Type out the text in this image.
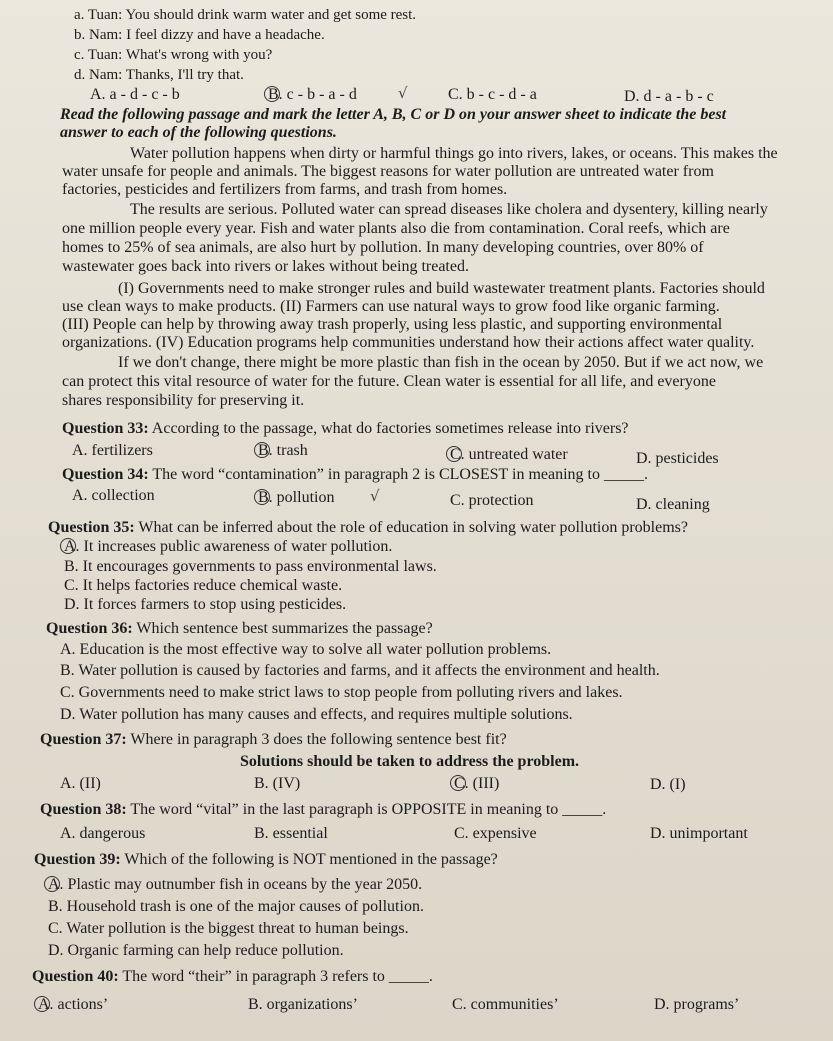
a. Tuan: You should drink warm water and get some rest.
b. Nam: I feel dizzy and have a headache.
c. Tuan: What's wrong with you?
d. Nam: Thanks, I'll try that.
A. a - d - c - b	B. c - b - a - d	√	C. b - c - d - a	D. d - a - b - c
Read the following passage and mark the letter A, B, C or D on your answer sheet to indicate the best
answer to each of the following questions.
Water pollution happens when dirty or harmful things go into rivers, lakes, or oceans. This makes the
water unsafe for people and animals. The biggest reasons for water pollution are untreated water from
factories, pesticides and fertilizers from farms, and trash from homes.
The results are serious. Polluted water can spread diseases like cholera and dysentery, killing nearly
one million people every year. Fish and water plants also die from contamination. Coral reefs, which are
homes to 25% of sea animals, are also hurt by pollution. In many developing countries, over 80% of
wastewater goes back into rivers or lakes without being treated.
(I) Governments need to make stronger rules and build wastewater treatment plants. Factories should
use clean ways to make products. (II) Farmers can use natural ways to grow food like organic farming.
(III) People can help by throwing away trash properly, using less plastic, and supporting environmental
organizations. (IV) Education programs help communities understand how their actions affect water quality.
If we don't change, there might be more plastic than fish in the ocean by 2050. But if we act now, we
can protect this vital resource of water for the future. Clean water is essential for all life, and everyone
shares responsibility for preserving it.
Question 33: According to the passage, what do factories sometimes release into rivers?
A. fertilizers	B. trash	C. untreated water	D. pesticides
Question 34: The word “contamination” in paragraph 2 is CLOSEST in meaning to _____.
A. collection	B. pollution √	C. protection	D. cleaning
Question 35: What can be inferred about the role of education in solving water pollution problems?
A. It increases public awareness of water pollution.
B. It encourages governments to pass environmental laws.
C. It helps factories reduce chemical waste.
D. It forces farmers to stop using pesticides.
Question 36: Which sentence best summarizes the passage?
A. Education is the most effective way to solve all water pollution problems.
B. Water pollution is caused by factories and farms, and it affects the environment and health.
C. Governments need to make strict laws to stop people from polluting rivers and lakes.
D. Water pollution has many causes and effects, and requires multiple solutions.
Question 37: Where in paragraph 3 does the following sentence best fit?
Solutions should be taken to address the problem.
A. (II)	B. (IV)	C. (III)	D. (I)
Question 38: The word “vital” in the last paragraph is OPPOSITE in meaning to _____.
A. dangerous	B. essential	C. expensive	D. unimportant
Question 39: Which of the following is NOT mentioned in the passage?
A. Plastic may outnumber fish in oceans by the year 2050.
B. Household trash is one of the major causes of pollution.
C. Water pollution is the biggest threat to human beings.
D. Organic farming can help reduce pollution.
Question 40: The word “their” in paragraph 3 refers to _____.
A. actions’	B. organizations’	C. communities’	D. programs’
